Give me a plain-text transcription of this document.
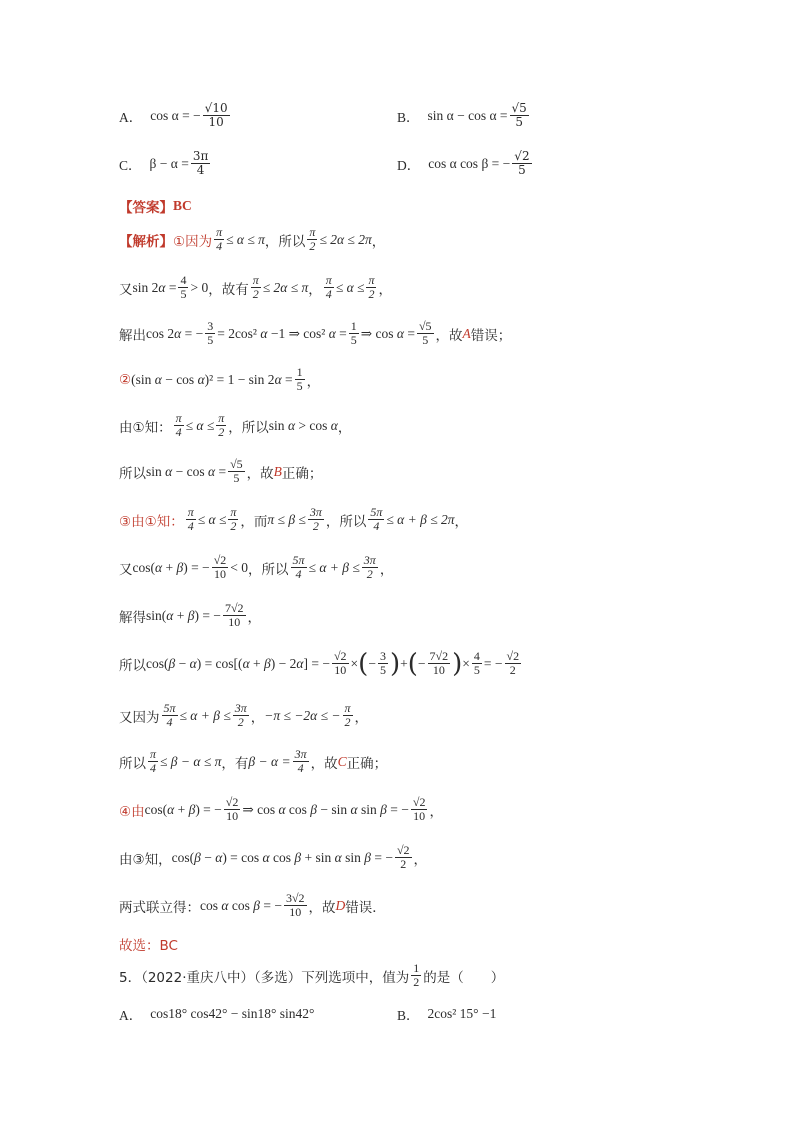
A． cos α = − $\frac{√10}{10}$	B． $\sin \alpha - \cos \alpha = \frac{√5}{5}$
C． $\beta - \alpha = \frac{3\pi}{4}$	D． cos α cos β = − $\frac{√2}{5}$
【答案】 BC
【解析】 ①因为 $\frac{\pi}{4} \le \alpha \le \pi$ ，所以 $\frac{\pi}{2} \le 2\alpha \le 2\pi$ ，
又 $\sin 2\alpha = \frac{4}{5} > 0$ ，故有 $\frac{\pi}{2} \le 2\alpha \le \pi$ ， $\frac{\pi}{4} \le \alpha \le \frac{\pi}{2}$ ，
解出 cos 2α = − $\frac{3}{5} = 2\cos^2$ α −1 ⇒ cos² $\alpha = \frac{1}{5}$ ⇒ $\cos \alpha = \frac{√5}{5}$ ，故 A 错误；
② (sin $\alpha - \cos \alpha)^2 = 1 - \sin 2\alpha = \frac{1}{5}$ ，
由①知： $\frac{\pi}{4} \le \alpha \le \frac{\pi}{2}$ ，所以 sin α > cos α ，
所以 $\sin \alpha - \cos \alpha = \frac{√5}{5}$ ，故 B 正确；
③由①知： $\frac{\pi}{4} \le \alpha \le \frac{\pi}{2}$ ，而 $\pi \le \beta \le \frac{3\pi}{2}$ ，所以 $\frac{5\pi}{4} \le \alpha + \beta \le 2\pi$ ，
又 cos(α + β) = − $\frac{√2}{10} < 0$ ，所以 $\frac{5\pi}{4} \le \alpha + \beta \le \frac{3\pi}{2}$ ，
解得 sin(α + β) = − $\frac{7√2}{10}$ ，
所以 cos(β − α) = cos[(α + β) − 2α] = − $\frac{√2}{10}$ × ( − $\frac{3}{5}$ ) + ( − $\frac{7√2}{10}$ ) × $\frac{4}{5}$ = − $\frac{√2}{2}$
又因为 $\frac{5\pi}{4} \le \alpha + \beta \le \frac{3\pi}{2}$ ， −π ≤ −2α ≤ − $\frac{\pi}{2}$ ，
所以 $\frac{\pi}{4} \le \beta - \alpha \le \pi$ ，有 $\beta - \alpha = \frac{3\pi}{4}$ ，故 C 正确；
④由 cos(α + β) = − $\frac{√2}{10}$ ⇒ cos α cos β − sin α sin β = − $\frac{√2}{10}$ ，
由③知， cos(β − α) = cos α cos β + sin α sin β = − $\frac{√2}{2}$ ，
两式联立得： cos α cos β = − $\frac{3√2}{10}$ ，故 D 错误．
故选：BC
5．（2022·重庆八中）（多选）下列选项中，值为 $\frac{1}{2}$ 的是（　　）
A． cos18° cos42° − sin18° sin42°	B． 2cos² 15° −1
